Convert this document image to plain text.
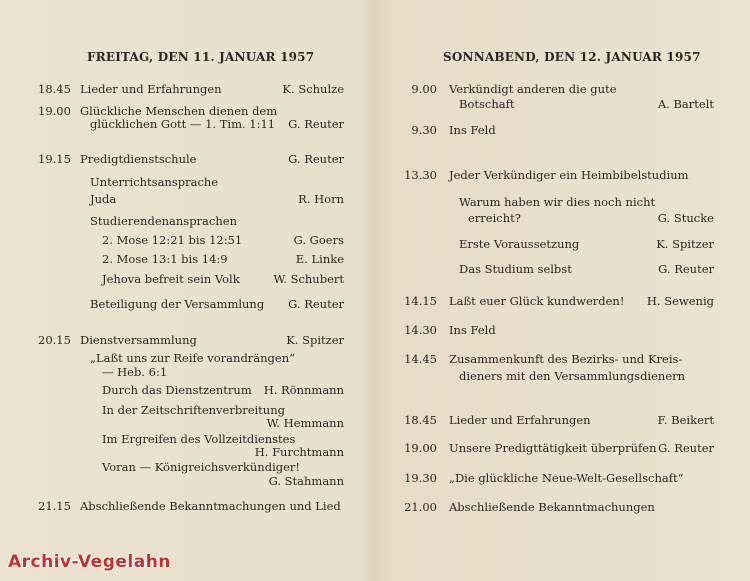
FREITAG, DEN 11. JANUAR 1957
18.45 Lieder und Erfahrungen	K. Schulze
19.00 Glückliche Menschen dienen dem
glücklichen Gott — 1. Tim. 1:11 G. Reuter
19.15 Predigtdienstschule	G. Reuter
Unterrichtsansprache
Juda	R. Horn
Studierendenansprachen
2. Mose 12:21 bis 12:51	G. Goers
2. Mose 13:1 bis 14:9	E. Linke
Jehova befreit sein Volk	W. Schubert
Beteiligung der Versammlung G. Reuter
20.15 Dienstversammlung	K. Spitzer
„Laßt uns zur Reife vorandrängen“
— Heb. 6:1
Durch das Dienstzentrum H. Rönnmann
In der Zeitschriftenverbreitung
W. Hemmann
Im Ergreifen des Vollzeitdienstes
H. Furchtmann
Voran — Königreichsverkündiger!
G. Stahmann
21.15 Abschließende Bekanntmachungen und Lied
SONNABEND, DEN 12. JANUAR 1957
9.00 Verkündigt anderen die gute
Botschaft	A. Bartelt
9.30 Ins Feld
13.30 Jeder Verkündiger ein Heimbibelstudium
Warum haben wir dies noch nicht
erreicht?	G. Stucke
Erste Voraussetzung	K. Spitzer
Das Studium selbst	G. Reuter
14.15 Laßt euer Glück kundwerden! H. Sewenig
14.30 Ins Feld
14.45 Zusammenkunft des Bezirks- und Kreis-
dieners mit den Versammlungsdienern
18.45 Lieder und Erfahrungen	F. Beikert
19.00 Unsere Predigttätigkeit überprüfen G. Reuter
19.30 „Die glückliche Neue-Welt-Gesellschaft“
21.00 Abschließende Bekanntmachungen
Archiv-Vegelahn
